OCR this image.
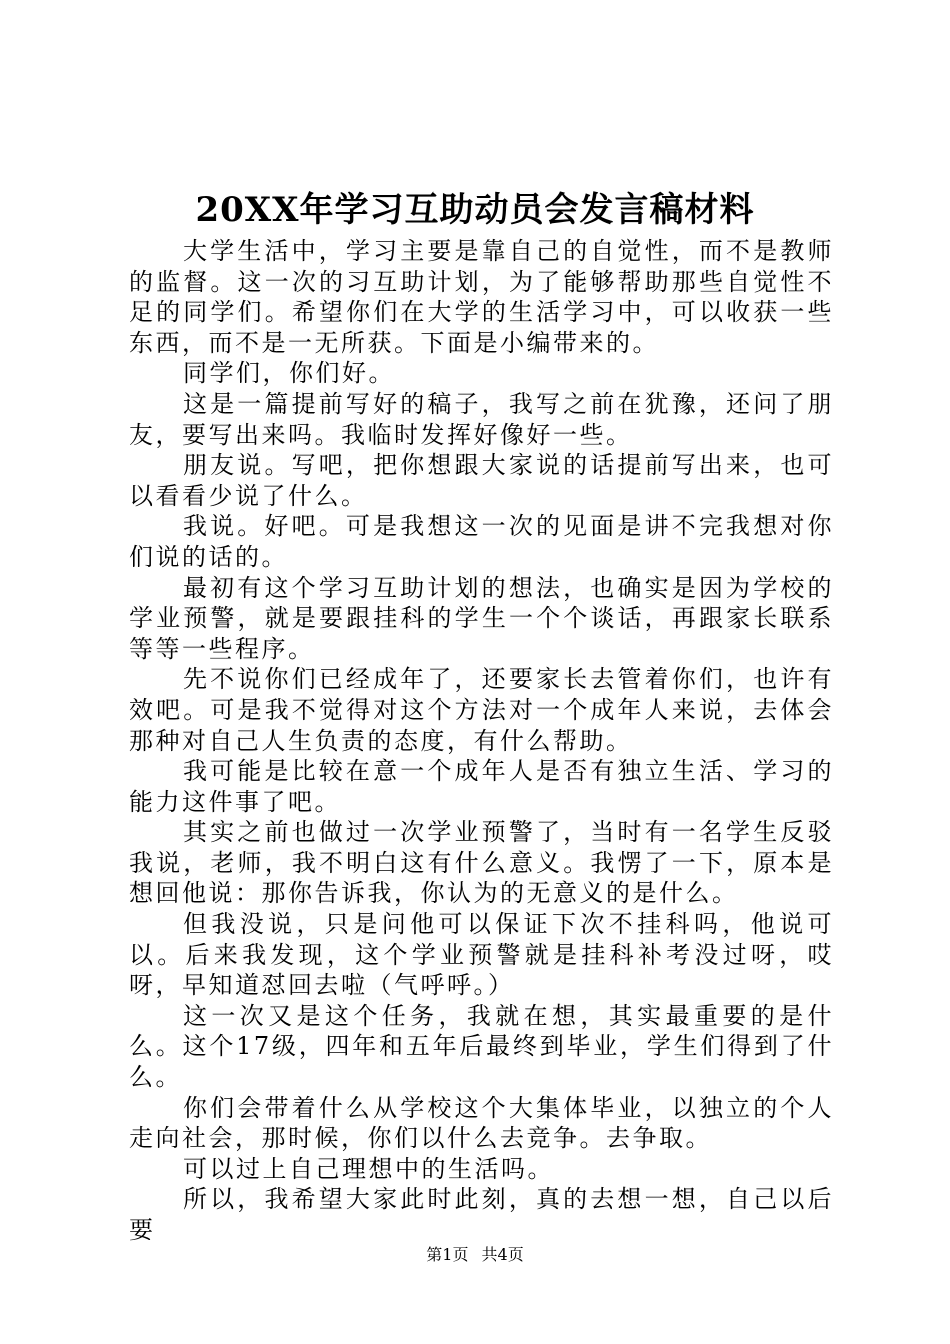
20XX年学习互助动员会发言稿材料

大学生活中，学习主要是靠自己的自觉性，而不是教师的监督。这一次的习互助计划，为了能够帮助那些自觉性不足的同学们。希望你们在大学的生活学习中，可以收获一些东西，而不是一无所获。下面是小编带来的。

同学们，你们好。

这是一篇提前写好的稿子，我写之前在犹豫，还问了朋友，要写出来吗。我临时发挥好像好一些。

朋友说。写吧，把你想跟大家说的话提前写出来，也可以看看少说了什么。

我说。好吧。可是我想这一次的见面是讲不完我想对你们说的话的。

最初有这个学习互助计划的想法，也确实是因为学校的学业预警，就是要跟挂科的学生一个个谈话，再跟家长联系等等一些程序。

先不说你们已经成年了，还要家长去管着你们，也许有效吧。可是我不觉得对这个方法对一个成年人来说，去体会那种对自己人生负责的态度，有什么帮助。

我可能是比较在意一个成年人是否有独立生活、学习的能力这件事了吧。

其实之前也做过一次学业预警了，当时有一名学生反驳我说，老师，我不明白这有什么意义。我愣了一下，原本是想回他说：那你告诉我，你认为的无意义的是什么。

但我没说，只是问他可以保证下次不挂科吗，他说可以。后来我发现，这个学业预警就是挂科补考没过呀，哎呀，早知道怼回去啦（气呼呼。）

这一次又是这个任务，我就在想，其实最重要的是什么。这个17级，四年和五年后最终到毕业，学生们得到了什么。

你们会带着什么从学校这个大集体毕业，以独立的个人走向社会，那时候，你们以什么去竞争。去争取。

可以过上自己理想中的生活吗。

所以，我希望大家此时此刻，真的去想一想，自己以后要

第1页 共4页
